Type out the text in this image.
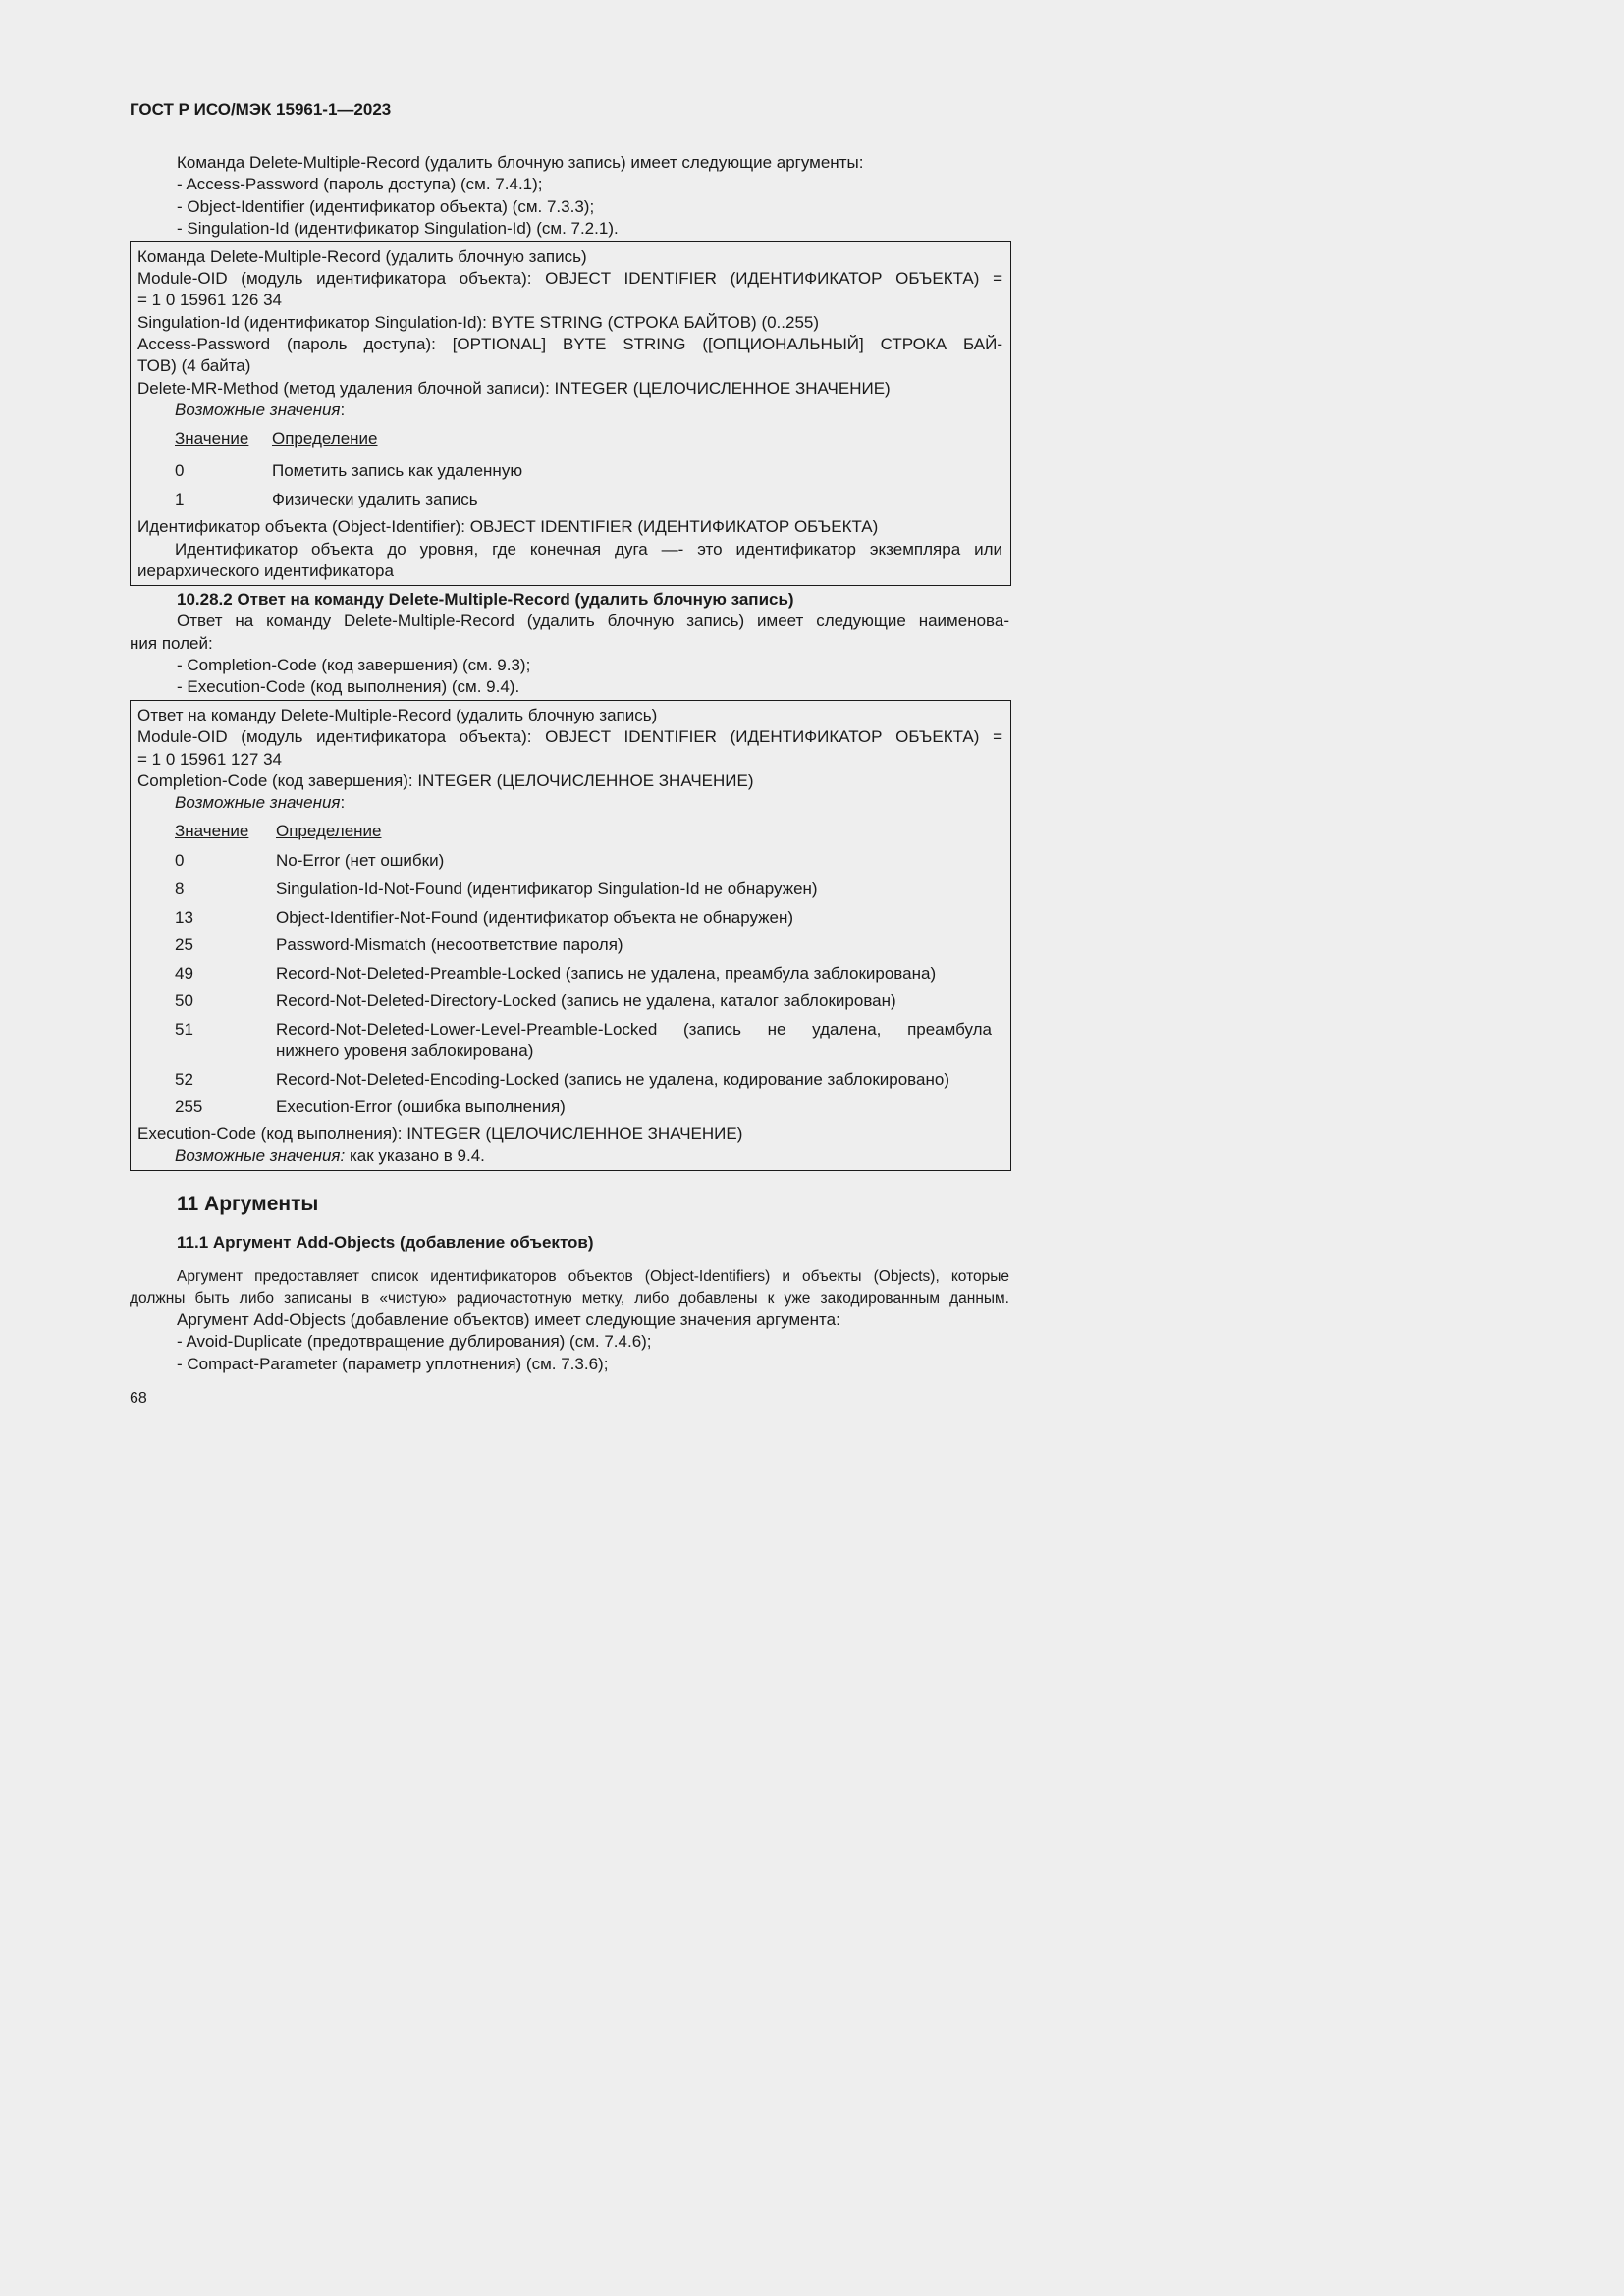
ГОСТ Р ИСО/МЭК 15961-1—2023
Команда Delete-Multiple-Record (удалить блочную запись) имеет следующие аргументы:
- Access-Password (пароль доступа) (см. 7.4.1);
- Object-Identifier (идентификатор объекта) (см. 7.3.3);
- Singulation-Id (идентификатор Singulation-Id) (см. 7.2.1).
Команда Delete-Multiple-Record (удалить блочную запись)
Module-OID (модуль идентификатора объекта): OBJECT IDENTIFIER (ИДЕНТИФИКАТОР ОБЪЕКТА) =
= 1 0 15961 126 34
Singulation-Id (идентификатор Singulation-Id): BYTE STRING (СТРОКА БАЙТОВ) (0..255)
Access-Password (пароль доступа): [OPTIONAL] BYTE STRING ([ОПЦИОНАЛЬНЫЙ] СТРОКА БАЙ-
ТОВ) (4 байта)
Delete-MR-Method (метод удаления блочной записи): INTEGER (ЦЕЛОЧИСЛЕННОЕ ЗНАЧЕНИЕ)
Возможные значения:
Значение Определение
0	Пометить запись как удаленную
1	Физически удалить запись
Идентификатор объекта (Object-Identifier): OBJECT IDENTIFIER (ИДЕНТИФИКАТОР ОБЪЕКТА)
Идентификатор объекта до уровня, где конечная дуга —- это идентификатор экземпляра или
иерархического идентификатора
10.28.2 Ответ на команду Delete-Multiple-Record (удалить блочную запись)
Ответ на команду Delete-Multiple-Record (удалить блочную запись) имеет следующие наименова-
ния полей:
- Completion-Code (код завершения) (см. 9.3);
- Execution-Code (код выполнения) (см. 9.4).
Ответ на команду Delete-Multiple-Record (удалить блочную запись)
Module-OID (модуль идентификатора объекта): OBJECT IDENTIFIER (ИДЕНТИФИКАТОР ОБЪЕКТА) =
= 1 0 15961 127 34
Completion-Code (код завершения): INTEGER (ЦЕЛОЧИСЛЕННОЕ ЗНАЧЕНИЕ)
Возможные значения:
Значение Определение
0	No-Error (нет ошибки)
8	Singulation-Id-Not-Found (идентификатор Singulation-Id не обнаружен)
13	Object-Identifier-Not-Found (идентификатор объекта не обнаружен)
25	Password-Mismatch (несоответствие пароля)
49	Record-Not-Deleted-Preamble-Locked (запись не удалена, преамбула заблокирована)
50	Record-Not-Deleted-Directory-Locked (запись не удалена, каталог заблокирован)
51	Record-Not-Deleted-Lower-Level-Preamble-Locked (запись не удалена, преамбула
нижнего уровеня заблокирована)
52	Record-Not-Deleted-Encoding-Locked (запись не удалена, кодирование заблокировано)
255	Execution-Error (ошибка выполнения)
Execution-Code (код выполнения): INTEGER (ЦЕЛОЧИСЛЕННОЕ ЗНАЧЕНИЕ)
Возможные значения: как указано в 9.4.
11 Аргументы
11.1 Аргумент Add-Objects (добавление объектов)
Аргумент предоставляет список идентификаторов объектов (Object-Identifiers) и объекты (Objects), которые
должны быть либо записаны в «чистую» радиочастотную метку, либо добавлены к уже закодированным данным.
Аргумент Add-Objects (добавление объектов) имеет следующие значения аргумента:
- Avoid-Duplicate (предотвращение дублирования) (см. 7.4.6);
- Compact-Parameter (параметр уплотнения) (см. 7.3.6);
68
